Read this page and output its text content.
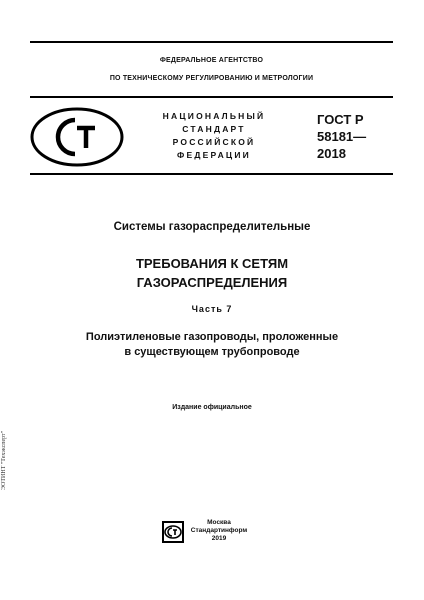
ФЕДЕРАЛЬНОЕ АГЕНТСТВО
ПО ТЕХНИЧЕСКОМУ РЕГУЛИРОВАНИЮ И МЕТРОЛОГИИ
НАЦИОНАЛЬНЫЙ
СТАНДАРТ
РОССИЙСКОЙ
ФЕДЕРАЦИИ
ГОСТ Р
58181—
2018
Системы газораспределительные
ТРЕБОВАНИЯ К СЕТЯМ
ГАЗОРАСПРЕДЕЛЕНИЯ
Часть 7
Полиэтиленовые газопроводы, проложенные
в существующем трубопроводе
Издание официальное
Москва
Стандартинформ
2019
ЭОТИНТ "Техэксперт"
